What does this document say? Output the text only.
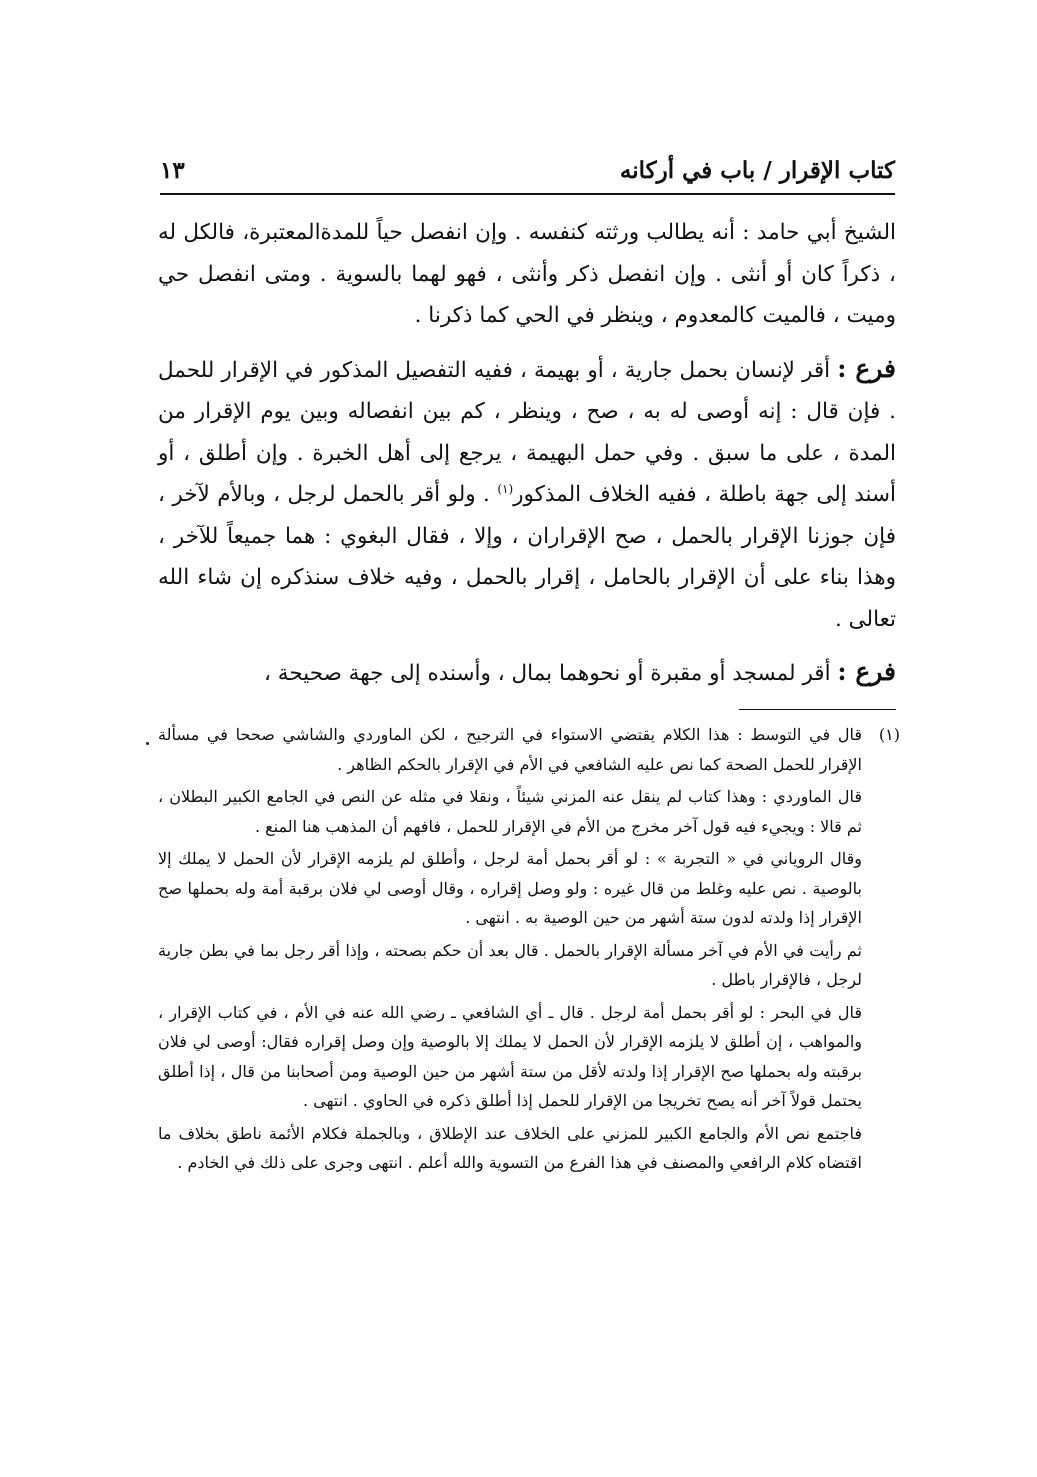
كتاب الإقرار / باب في أركانه
١٣

الشيخ أبي حامد : أنه يطالب ورثته كنفسه . وإن انفصل حياً للمدةالمعتبرة، فالكل له ، ذكراً كان أو أنثى . وإن انفصل ذكر وأنثى ، فهو لهما بالسوية . ومتى انفصل حي وميت ، فالميت كالمعدوم ، وينظر في الحي كما ذكرنا .

فرع : أقر لإنسان بحمل جارية ، أو بهيمة ، ففيه التفصيل المذكور في الإقرار للحمل . فإن قال : إنه أوصى له به ، صح ، وينظر ، كم بين انفصاله وبين يوم الإقرار من المدة ، على ما سبق . وفي حمل البهيمة ، يرجع إلى أهل الخبرة . وإن أطلق ، أو أسند إلى جهة باطلة ، ففيه الخلاف المذكور$^{(١)}$ . ولو أقر بالحمل لرجل ، وبالأم لآخر ، فإن جوزنا الإقرار بالحمل ، صح الإقراران ، وإلا ، فقال البغوي : هما جميعاً للآخر ، وهذا بناء على أن الإقرار بالحامل ، إقرار بالحمل ، وفيه خلاف سنذكره إن شاء الله تعالى .

فرع : أقر لمسجد أو مقبرة أو نحوهما بمال ، وأسنده إلى جهة صحيحة ،

(١)

قال في التوسط : هذا الكلام يقتضي الاستواء في الترجيح ، لكن الماوردي والشاشي صححا في مسألة الإقرار للحمل الصحة كما نص عليه الشافعي في الأم في الإقرار بالحكم الظاهر .

قال الماوردي : وهذا كتاب لم ينقل عنه المزني شيئاً ، ونقلا في مثله عن النص في الجامع الكبير البطلان ، ثم قالا : ويجيء فيه قول آخر مخرج من الأم في الإقرار للحمل ، فافهم أن المذهب هنا المنع .

وقال الروياني في « التجربة » : لو أقر بحمل أمة لرجل ، وأطلق لم يلزمه الإقرار لأن الحمل لا يملك إلا بالوصية . نص عليه وغلط من قال غيره : ولو وصل إقراره ، وقال أوصى لي فلان برقبة أمة وله بحملها صح الإقرار إذا ولدته لدون ستة أشهر من حين الوصية به . انتهى .

ثم رأيت في الأم في آخر مسألة الإقرار بالحمل . قال بعد أن حكم بصحته ، وإذا أقر رجل بما في بطن جارية لرجل ، فالإقرار باطل .

قال في البحر : لو أقر بحمل أمة لرجل . قال ـ أي الشافعي ـ رضي الله عنه في الأم ، في كتاب الإقرار ، والمواهب ، إن أطلق لا يلزمه الإقرار لأن الحمل لا يملك إلا بالوصية وإن وصل إقراره فقال: أوصى لي فلان برقبته وله بحملها صح الإقرار إذا ولدته لأقل من ستة أشهر من حين الوصية ومن أصحابنا من قال ، إذا أطلق يحتمل قولاً آخر أنه يصح تخريجا من الإقرار للحمل إذا أطلق ذكره في الحاوي . انتهى .

فاجتمع نص الأم والجامع الكبير للمزني على الخلاف عند الإطلاق ، وبالجملة فكلام الأئمة ناطق بخلاف ما اقتضاه كلام الرافعي والمصنف في هذا الفرع من التسوية والله أعلم . انتهى وجرى على ذلك في الخادم .
